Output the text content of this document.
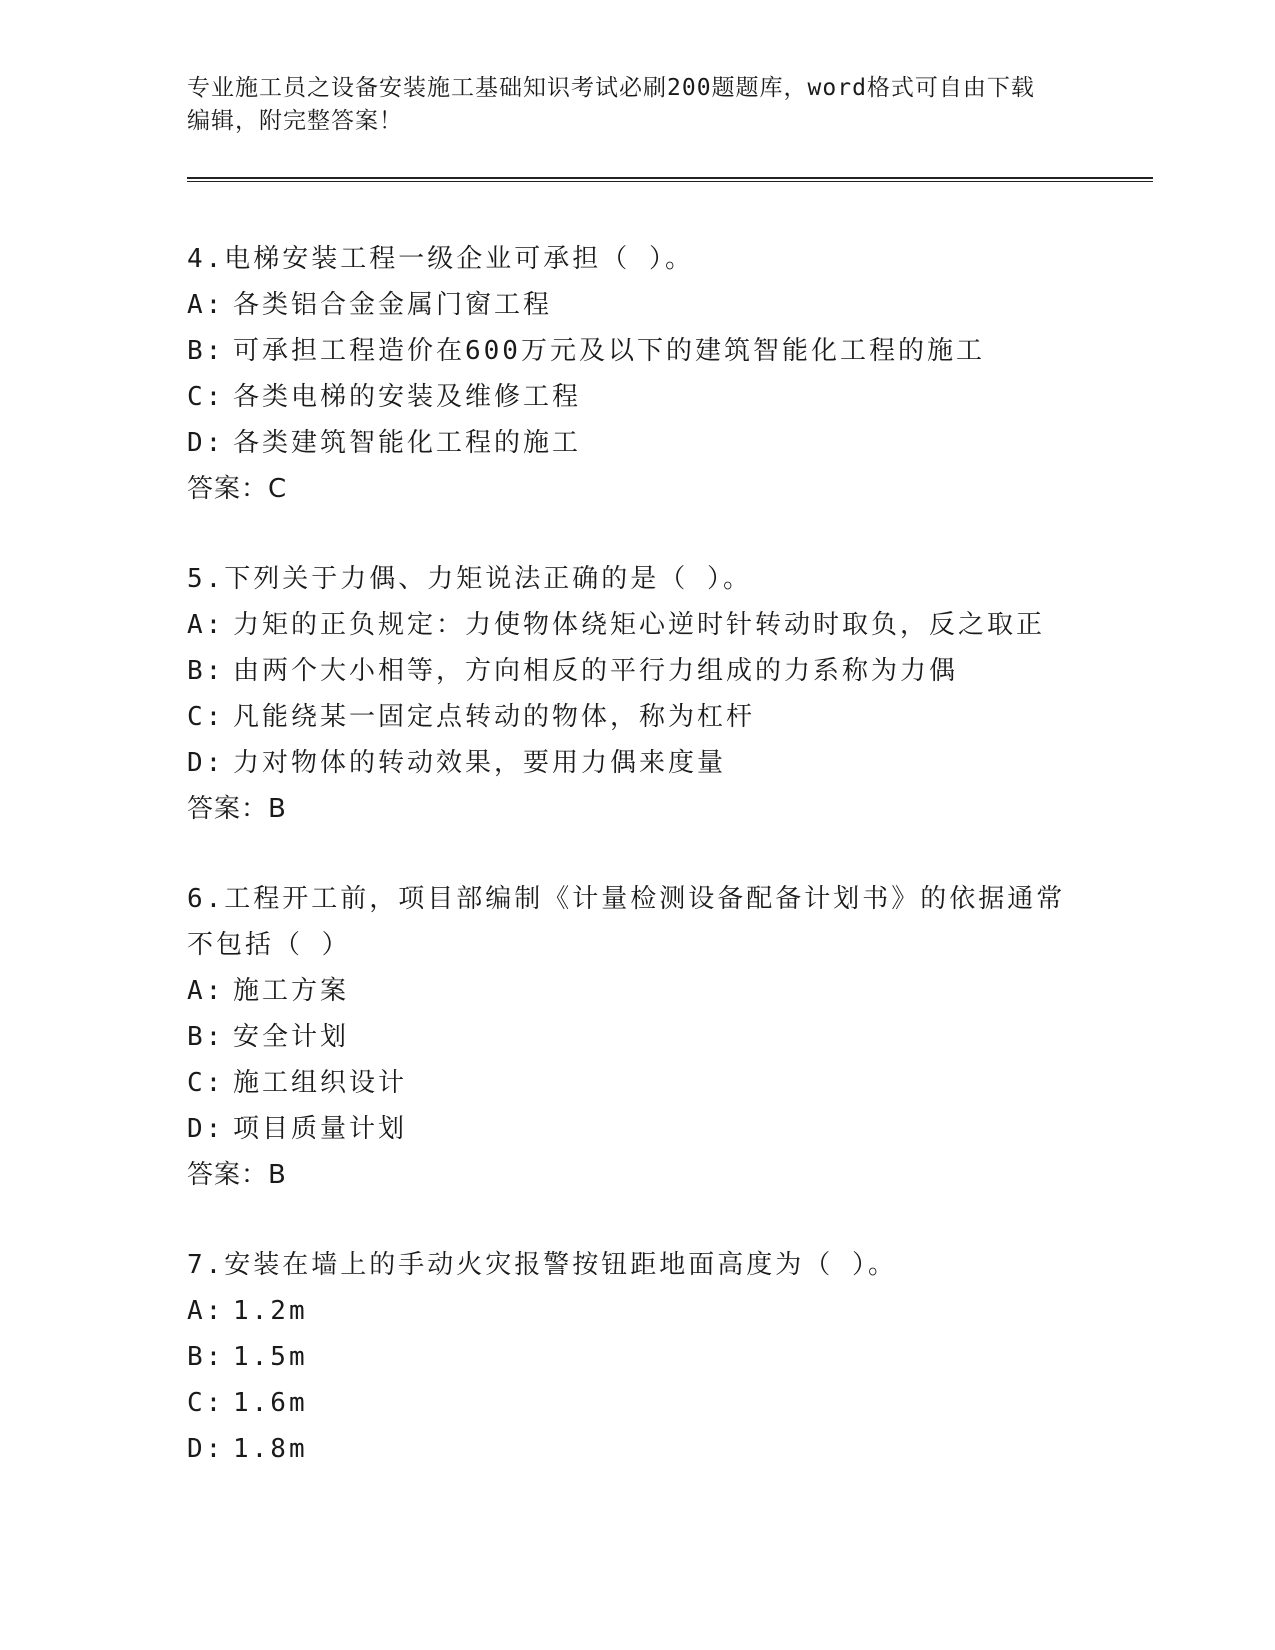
专业施工员之设备安装施工基础知识考试必刷200题题库，word格式可自由下载
编辑，附完整答案！
4.电梯安装工程一级企业可承担（ ）。
A: 各类铝合金金属门窗工程
B: 可承担工程造价在600万元及以下的建筑智能化工程的施工
C: 各类电梯的安装及维修工程
D: 各类建筑智能化工程的施工
答案：C
5.下列关于力偶、力矩说法正确的是（ ）。
A: 力矩的正负规定：力使物体绕矩心逆时针转动时取负，反之取正
B: 由两个大小相等，方向相反的平行力组成的力系称为力偶
C: 凡能绕某一固定点转动的物体，称为杠杆
D: 力对物体的转动效果，要用力偶来度量
答案：B
6.工程开工前，项目部编制《计量检测设备配备计划书》的依据通常
不包括（ ）
A: 施工方案
B: 安全计划
C: 施工组织设计
D: 项目质量计划
答案：B
7.安装在墙上的手动火灾报警按钮距地面高度为（ ）。
A: 1.2m
B: 1.5m
C: 1.6m
D: 1.8m
